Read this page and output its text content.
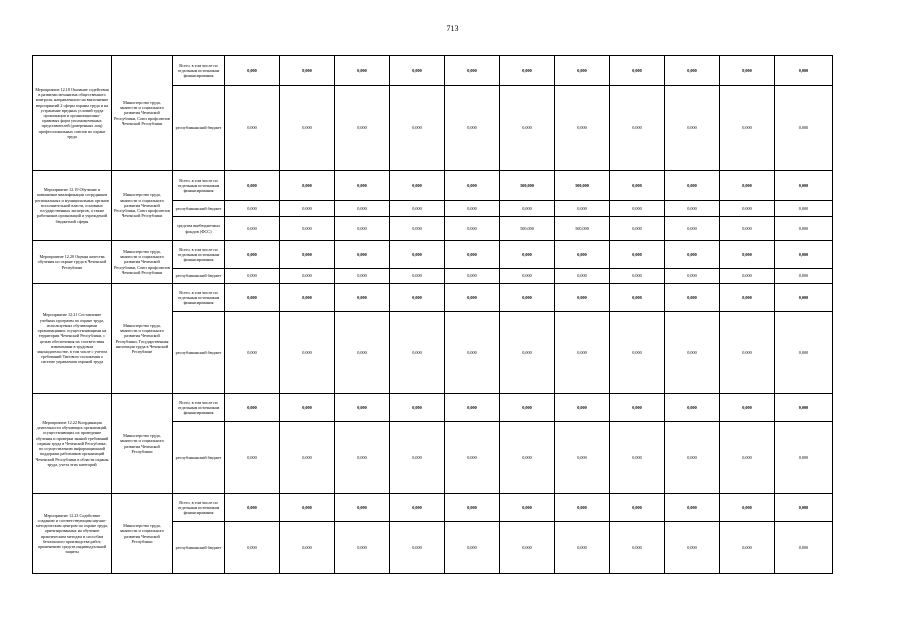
713
Мероприятие 12.18 Оказание содействия в развитии механизма общественного контроля, направленного на выполнение мероприятий 2 сферы охраны труда и на устранение вредных условий труда организации и организационно-правовых форм уполномоченных представителей (доверенных лиц) профессиональных союзов по охране труда	Министерство труда, занятости и социального развития Чеченской Республики, Союз профсоюзов Чеченской Республики	Всего, в том числе по отдельным источникам финансирования	0,000	0,000	0,000	0,000	0,000	0,000	0,000	0,000	0,000	0,000	0,000
		республиканский бюджет	0,000	0,000	0,000	0,000	0,000	0,000	0,000	0,000	0,000	0,000	0,000
Мероприятие 12.19 Обучение и повышение квалификации сотрудников региональных и муниципальных органов исполнительной власти, основных государственных экспертов, а также работников организаций и учреждений бюджетной сферы	Министерство труда, занятости и социального развития Чеченской Республики, Союз профсоюзов Чеченской Республики	Всего, в том числе по отдельным источникам финансирования	0,000	0,000	0,000	0,000	0,000	500,000	500,000	0,000	0,000	0,000	0,000
		республиканский бюджет	0,000	0,000	0,000	0,000	0,000	0,000	0,000	0,000	0,000	0,000	0,000
		средства внебюджетных фондов (ФСС)	0,000	0,000	0,000	0,000	0,000	500,000	500,000	0,000	0,000	0,000	0,000
Мероприятие 12.20 Оценка качества обучения по охране труда в Чеченской Республике	Министерство труда, занятости и социального развития Чеченской Республики, Союз профсоюзов Чеченской Республики	Всего, в том числе по отдельным источникам финансирования	0,000	0,000	0,000	0,000	0,000	0,000	0,000	0,000	0,000	0,000	0,000
		республиканский бюджет	0,000	0,000	0,000	0,000	0,000	0,000	0,000	0,000	0,000	0,000	0,000
Мероприятие 12.21 Составление учебных программ по охране труда, используемых обучающими организациями, осуществляющими на территории Чеченской Республики, с целью обеспечения их соответствия изменениям в трудовом законодательстве, в том числе с учетом требований Типового положения о системе управления охраной труда	Министерство труда, занятости и социального развития Чеченской Республики, Государственная инспекция труда в Чеченской Республике	Всего, в том числе по отдельным источникам финансирования	0,000	0,000	0,000	0,000	0,000	0,000	0,000	0,000	0,000	0,000	0,000
		республиканский бюджет	0,000	0,000	0,000	0,000	0,000	0,000	0,000	0,000	0,000	0,000	0,000
Мероприятие 12.22 Координация деятельности обучающих организаций, осуществляющих их проведение обучения и проверки знаний требований охраны труда в Чеченской Республике, по осуществлению информационной поддержки работников организаций Чеченской Республики в области охраны труда, учета этих категорий	Министерство труда, занятости и социального развития Чеченской Республики	Всего, в том числе по отдельным источникам финансирования	0,000	0,000	0,000	0,000	0,000	0,000	0,000	0,000	0,000	0,000	0,000
		республиканский бюджет	0,000	0,000	0,000	0,000	0,000	0,000	0,000	0,000	0,000	0,000	0,000
Мероприятие 12.23 Содействие созданию и соответствующим научно-методическим центром по охране труда, ориентированных на обучение практическим методам и способам безопасного производства работ, применению средств индивидуальной защиты	Министерство труда, занятости и социального развития Чеченской Республики	Всего, в том числе по отдельным источникам финансирования	0,000	0,000	0,000	0,000	0,000	0,000	0,000	0,000	0,000	0,000	0,000
		республиканский бюджет	0,000	0,000	0,000	0,000	0,000	0,000	0,000	0,000	0,000	0,000	0,000
